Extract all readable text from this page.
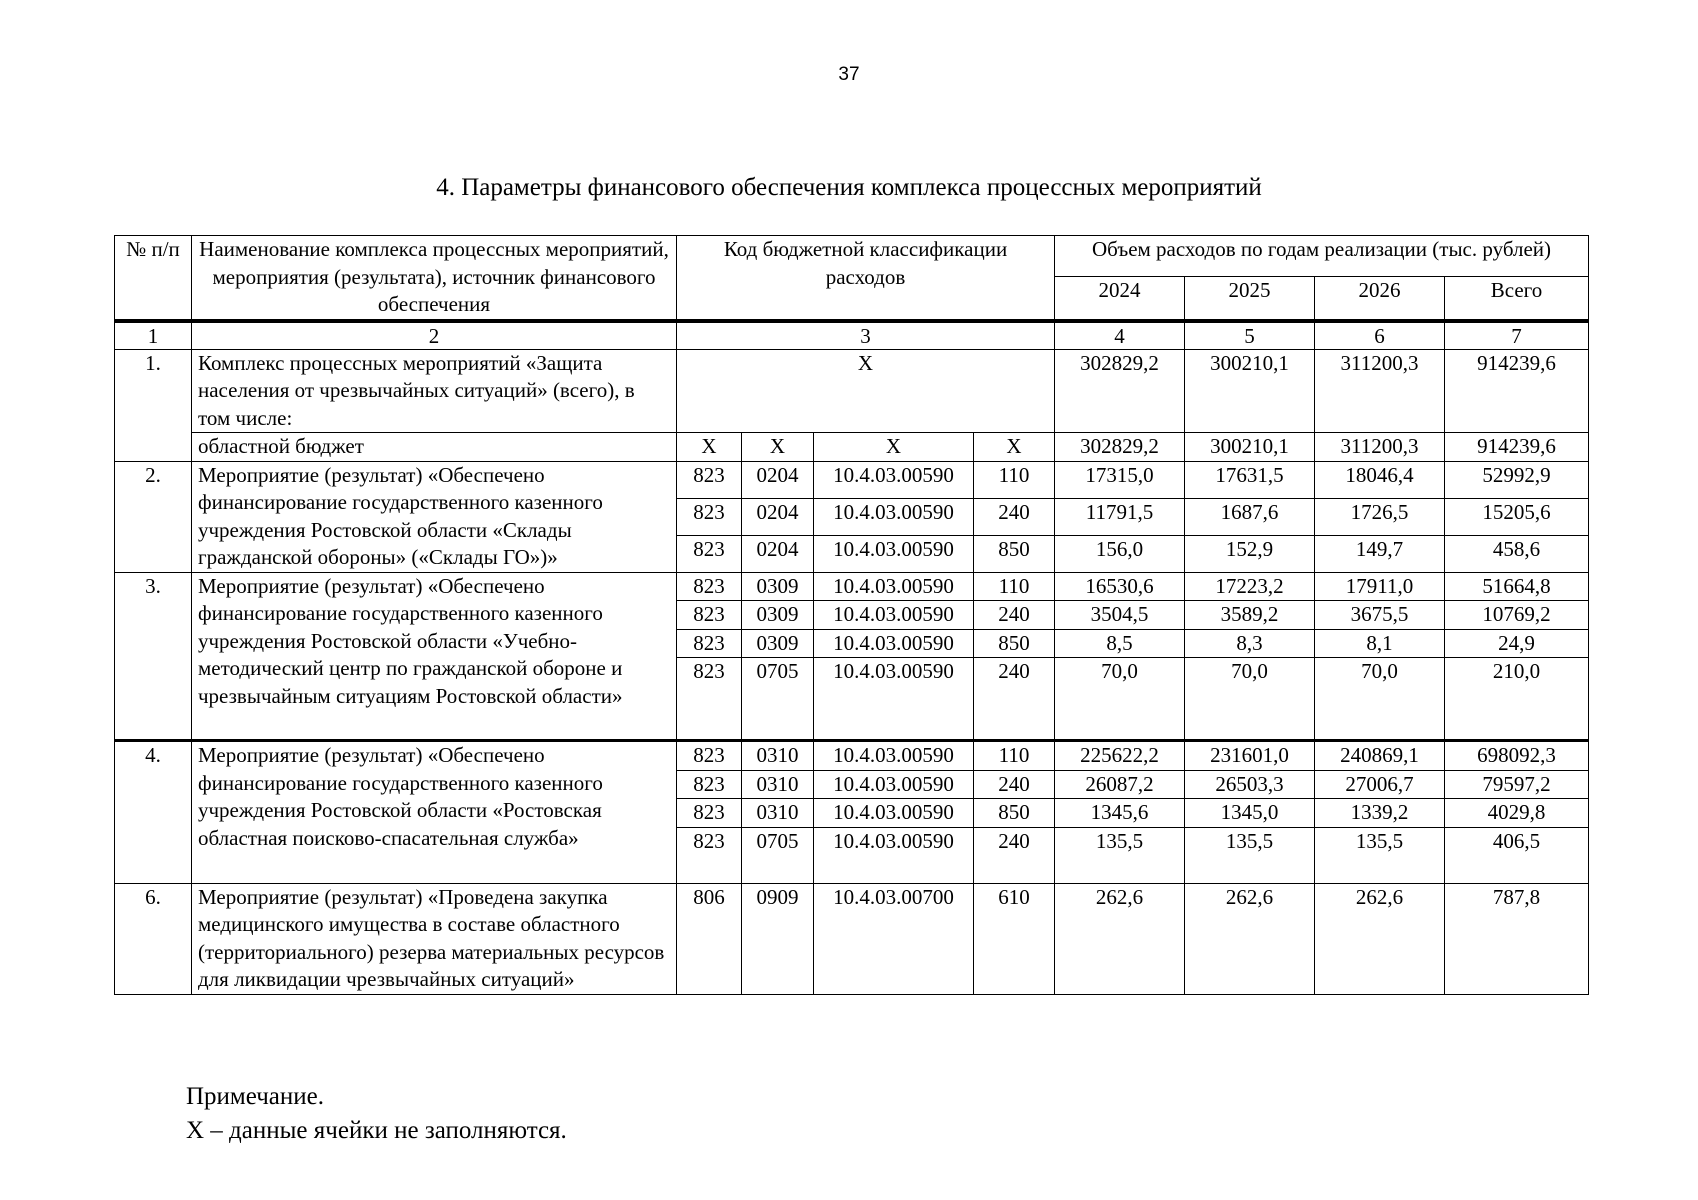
37
4. Параметры финансового обеспечения комплекса процессных мероприятий
№ п/п	Наименование комплекса процессных мероприятий, мероприятия (результата), источник финансового обеспечения	Код бюджетной классификации расходов				Объем расходов по годам реализации (тыс. рублей)			
						2024	2025	2026	Всего
1	2	3				4	5	6	7
1.	Комплекс процессных мероприятий «Защита населения от чрезвычайных ситуаций» (всего), в том числе:	X				302829,2	300210,1	311200,3	914239,6
	областной бюджет	X	X	X	X	302829,2	300210,1	311200,3	914239,6
2.	Мероприятие (результат) «Обеспечено финансирование государственного казенного учреждения Ростовской области «Склады гражданской обороны» («Склады ГО»)»	823	0204	10.4.03.00590	110	17315,0	17631,5	18046,4	52992,9
		823	0204	10.4.03.00590	240	11791,5	1687,6	1726,5	15205,6
		823	0204	10.4.03.00590	850	156,0	152,9	149,7	458,6
3.	Мероприятие (результат) «Обеспечено финансирование государственного казенного учреждения Ростовской области «Учебно-методический центр по гражданской обороне и чрезвычайным ситуациям Ростовской области»	823	0309	10.4.03.00590	110	16530,6	17223,2	17911,0	51664,8
		823	0309	10.4.03.00590	240	3504,5	3589,2	3675,5	10769,2
		823	0309	10.4.03.00590	850	8,5	8,3	8,1	24,9
		823	0705	10.4.03.00590	240	70,0	70,0	70,0	210,0
4.	Мероприятие (результат) «Обеспечено финансирование государственного казенного учреждения Ростовской области «Ростовская областная поисково-спасательная служба»	823	0310	10.4.03.00590	110	225622,2	231601,0	240869,1	698092,3
		823	0310	10.4.03.00590	240	26087,2	26503,3	27006,7	79597,2
		823	0310	10.4.03.00590	850	1345,6	1345,0	1339,2	4029,8
		823	0705	10.4.03.00590	240	135,5	135,5	135,5	406,5
6.	Мероприятие (результат) «Проведена закупка медицинского имущества в составе областного (территориального) резерва материальных ресурсов для ликвидации чрезвычайных ситуаций»	806	0909	10.4.03.00700	610	262,6	262,6	262,6	787,8
Примечание.
X – данные ячейки не заполняются.
